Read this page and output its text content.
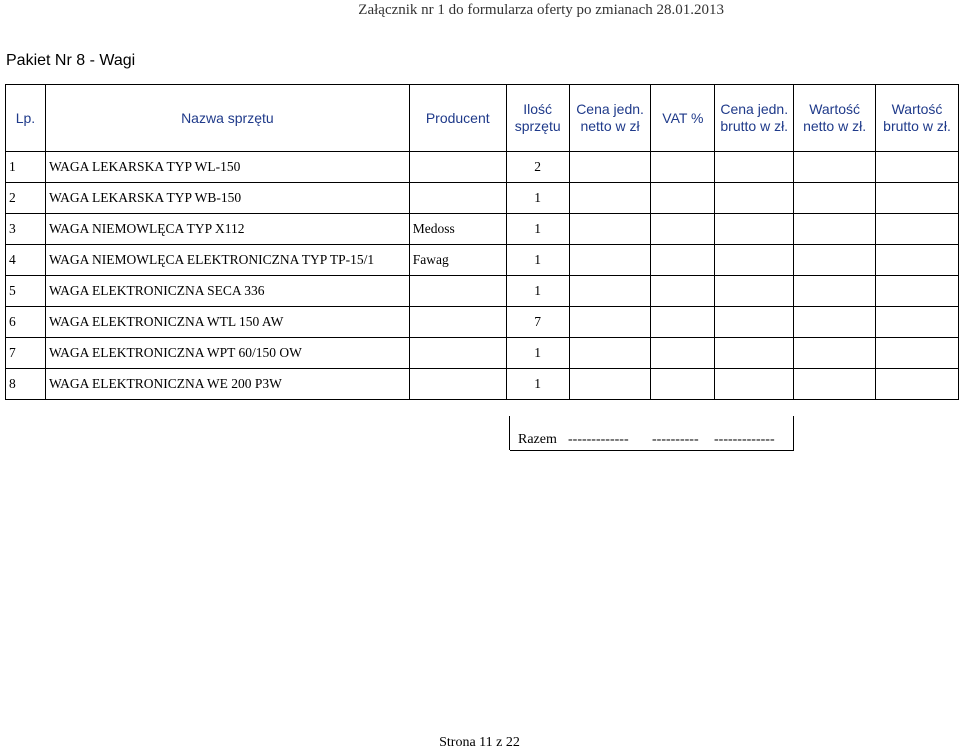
Załącznik nr 1 do formularza oferty po zmianach 28.01.2013
Pakiet Nr 8 - Wagi
Lp.	Nazwa sprzętu	Producent	Ilość sprzętu	Cena jedn. netto w zł	VAT %	Cena jedn. brutto w zł.	Wartość netto w zł.	Wartość brutto w zł.
1	WAGA LEKARSKA TYP WL-150		2					
2	WAGA LEKARSKA TYP WB-150		1					
3	WAGA NIEMOWLĘCA TYP X112	Medoss	1					
4	WAGA NIEMOWLĘCA ELEKTRONICZNA TYP TP-15/1	Fawag	1					
5	WAGA ELEKTRONICZNA SECA 336		1					
6	WAGA ELEKTRONICZNA WTL 150 AW		7					
7	WAGA ELEKTRONICZNA WPT 60/150 OW		1					
8	WAGA ELEKTRONICZNA WE 200 P3W		1					
Razem -------------	----------	-------------
Strona 11 z 22
